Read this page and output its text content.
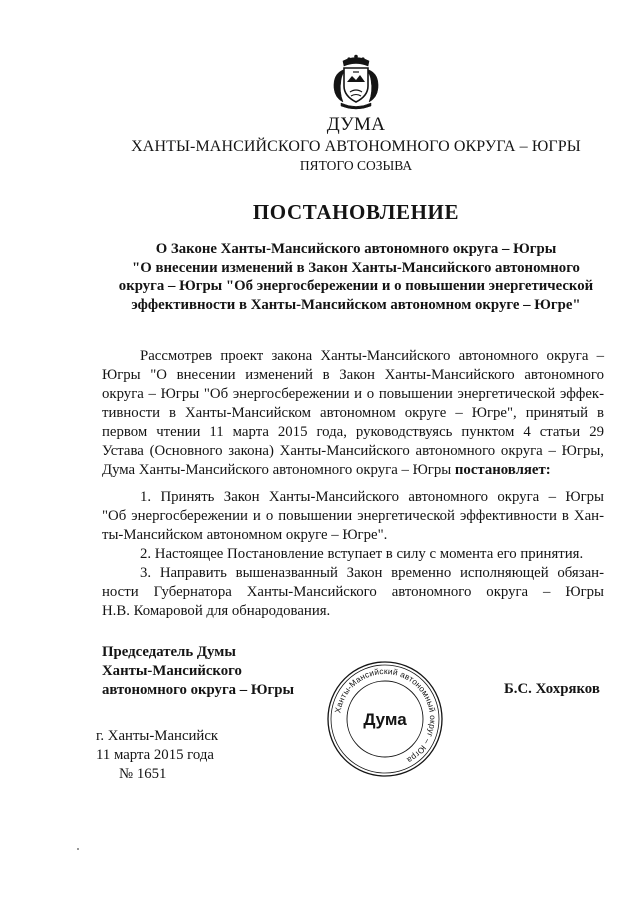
ДУМА
ХАНТЫ-МАНСИЙСКОГО АВТОНОМНОГО ОКРУГА – ЮГРЫ
ПЯТОГО СОЗЫВА
ПОСТАНОВЛЕНИЕ
О Законе Ханты-Мансийского автономного округа – Югры
"О внесении изменений в Закон Ханты-Мансийского автономного
округа – Югры "Об энергосбережении и о повышении энергетической
эффективности в Ханты-Мансийском автономном округе – Югре"
Рассмотрев проект закона Ханты-Мансийского автономного округа –
Югры "О внесении изменений в Закон Ханты-Мансийского автономного
округа – Югры "Об энергосбережении и о повышении энергетической эффек-
тивности в Ханты-Мансийском автономном округе – Югре", принятый в
первом чтении 11 марта 2015 года, руководствуясь пунктом 4 статьи 29
Устава (Основного закона) Ханты-Мансийского автономного округа – Югры,
Дума Ханты-Мансийского автономного округа – Югры постановляет:
1. Принять Закон Ханты-Мансийского автономного округа – Югры
"Об энергосбережении и о повышении энергетической эффективности в Хан-
ты-Мансийском автономном округе – Югре".
2. Настоящее Постановление вступает в силу с момента его принятия.
3. Направить вышеназванный Закон временно исполняющей обязан-
ности Губернатора Ханты-Мансийского автономного округа – Югры
Н.В. Комаровой для обнародования.
Председатель Думы
Ханты-Мансийского
автономного округа – Югры
Ханты-Мансийский автономный округ – Югра
Дума
Б.С. Хохряков
г. Ханты-Мансийск
11 марта 2015 года
№ 1651
